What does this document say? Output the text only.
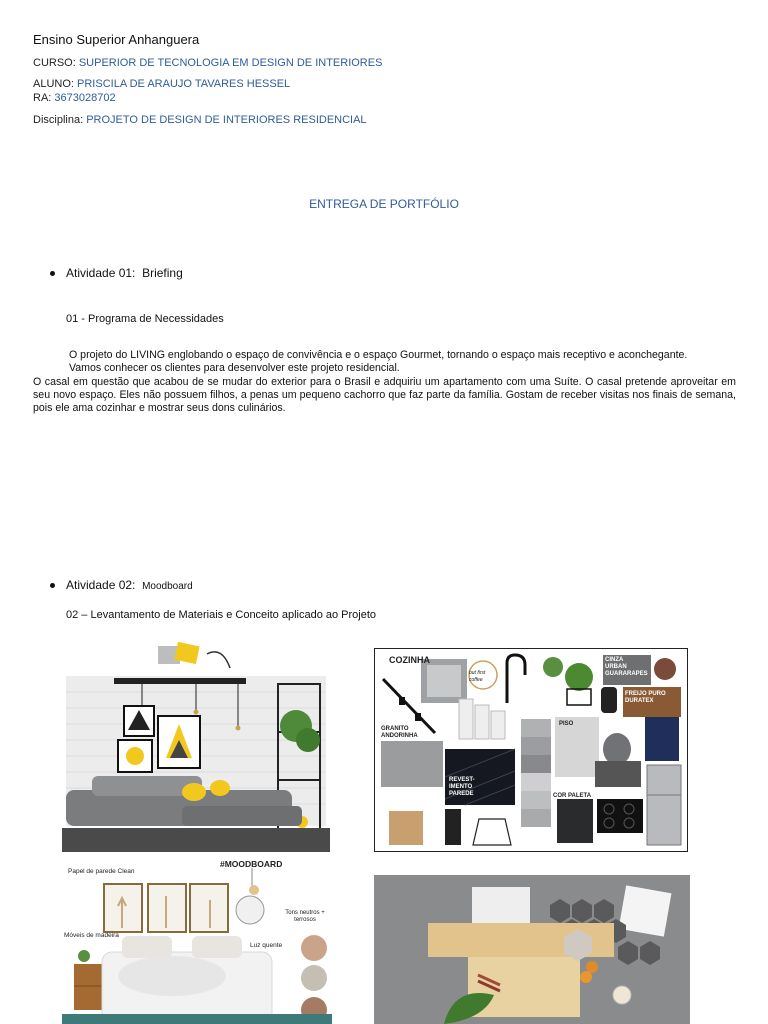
Ensino Superior Anhanguera
CURSO: SUPERIOR DE TECNOLOGIA EM DESIGN DE INTERIORES
ALUNO: PRISCILA DE ARAUJO TAVARES HESSEL
RA: 3673028702
Disciplina: PROJETO DE DESIGN DE INTERIORES RESIDENCIAL
ENTREGA DE PORTFÓLIO
Atividade 01: Briefing
01 - Programa de Necessidades
O projeto do LIVING englobando o espaço de convivência e o espaço Gourmet, tornando o espaço mais receptivo e aconchegante.
Vamos conhecer os clientes para desenvolver este projeto residencial.
O casal em questão que acabou de se mudar do exterior para o Brasil e adquiriu um apartamento com uma Suíte. O casal pretende aproveitar em seu novo espaço. Eles não possuem filhos, a penas um pequeno cachorro que faz parte da família. Gostam de receber visitas nos finais de semana, pois ele ama cozinhar e mostrar seus dons culinários.
Atividade 02: Moodboard
02 – Levantamento de Materiais e Conceito aplicado ao Projeto
COZINHA
but first coffee
CINZA URBAN GUARARAPES
FREIJO PURO DURATEX
GRANITO ANDORINHA
REVEST- IMENTO PAREDE
PISO
COR PALETA
Papel de parede Clean
#MOODBOARD
Móveis de madeira
Luz quente
Tons neutros + terrosos
